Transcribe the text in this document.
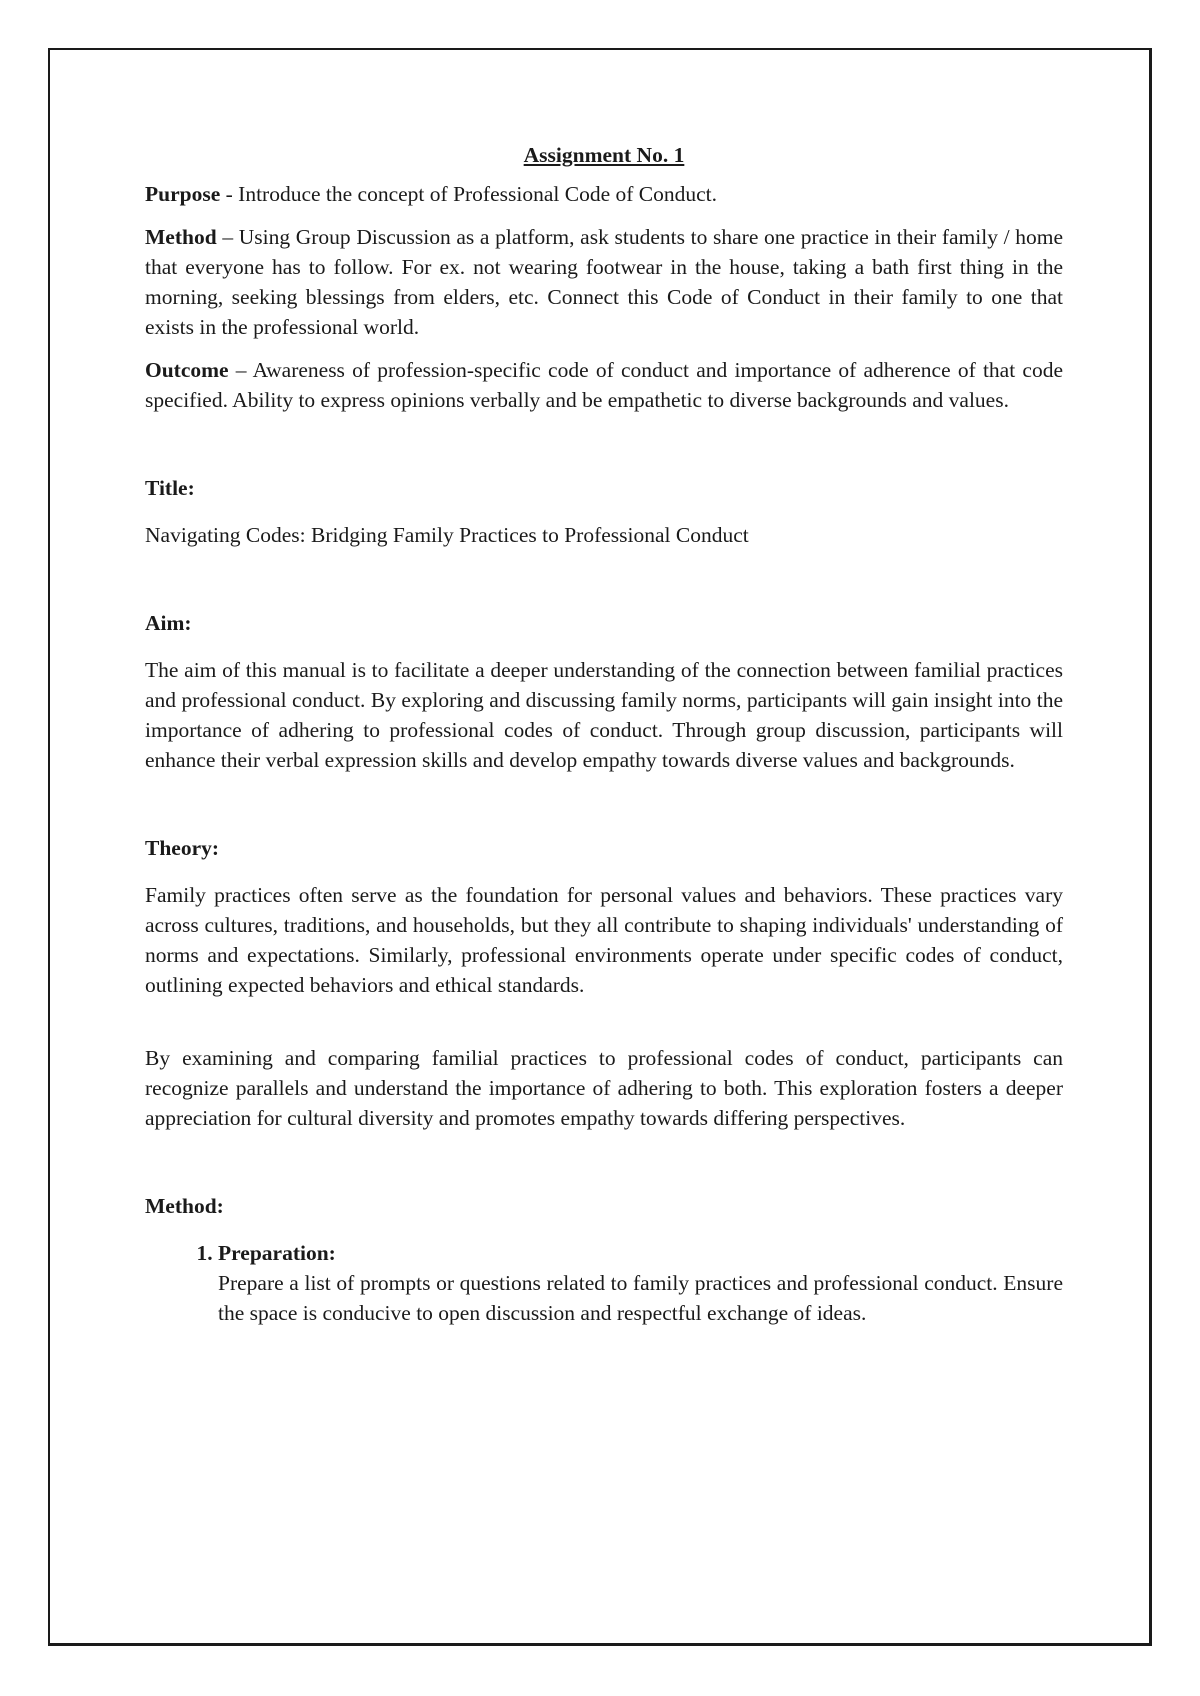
Assignment No. 1

Purpose - Introduce the concept of Professional Code of Conduct.

Method – Using Group Discussion as a platform, ask students to share one practice in their family / home that everyone has to follow. For ex. not wearing footwear in the house, taking a bath first thing in the morning, seeking blessings from elders, etc. Connect this Code of Conduct in their family to one that exists in the professional world.

Outcome – Awareness of profession-specific code of conduct and importance of adherence of that code specified. Ability to express opinions verbally and be empathetic to diverse backgrounds and values.

Title:

Navigating Codes: Bridging Family Practices to Professional Conduct

Aim:

The aim of this manual is to facilitate a deeper understanding of the connection between familial practices and professional conduct. By exploring and discussing family norms, participants will gain insight into the importance of adhering to professional codes of conduct. Through group discussion, participants will enhance their verbal expression skills and develop empathy towards diverse values and backgrounds.

Theory:

Family practices often serve as the foundation for personal values and behaviors. These practices vary across cultures, traditions, and households, but they all contribute to shaping individuals' understanding of norms and expectations. Similarly, professional environments operate under specific codes of conduct, outlining expected behaviors and ethical standards.

By examining and comparing familial practices to professional codes of conduct, participants can recognize parallels and understand the importance of adhering to both. This exploration fosters a deeper appreciation for cultural diversity and promotes empathy towards differing perspectives.

Method:
1. Preparation:
Prepare a list of prompts or questions related to family practices and professional conduct. Ensure the space is conducive to open discussion and respectful exchange of ideas.
